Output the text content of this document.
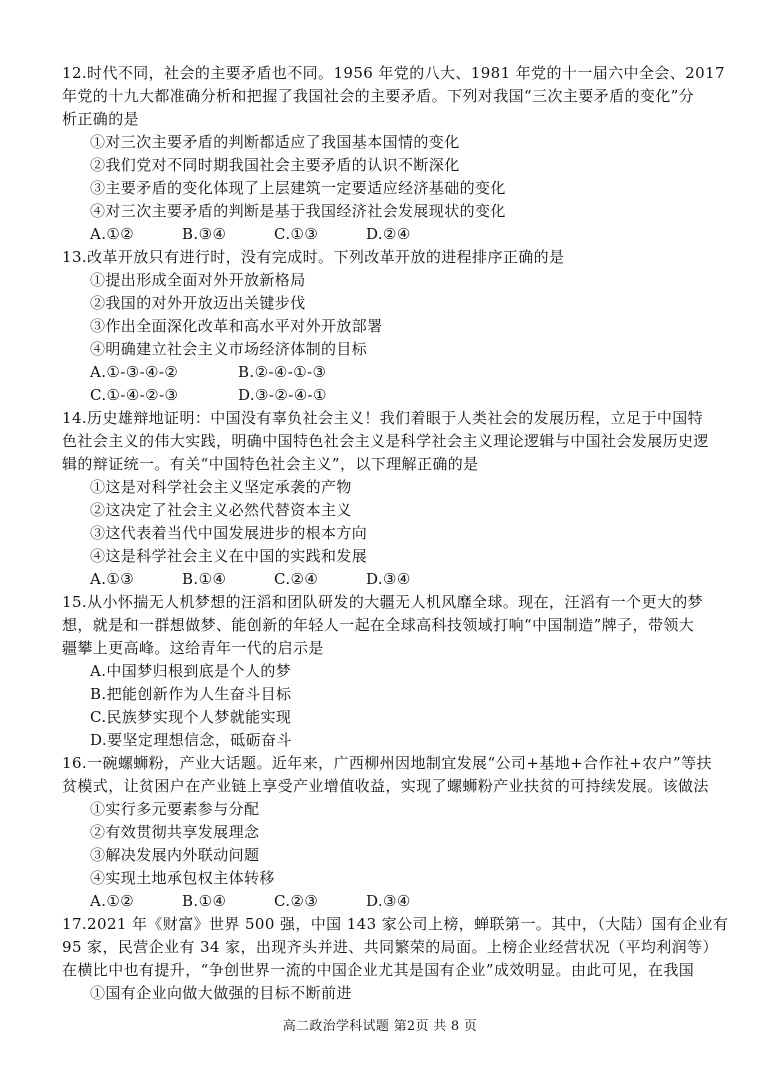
12.时代不同，社会的主要矛盾也不同。1956 年党的八大、1981 年党的十一届六中全会、2017
年党的十九大都准确分析和把握了我国社会的主要矛盾。下列对我国“三次主要矛盾的变化”分
析正确的是
①对三次主要矛盾的判断都适应了我国基本国情的变化
②我们党对不同时期我国社会主要矛盾的认识不断深化
③主要矛盾的变化体现了上层建筑一定要适应经济基础的变化
④对三次主要矛盾的判断是基于我国经济社会发展现状的变化
A.①②	B.③④	C.①③	D.②④
13.改革开放只有进行时，没有完成时。下列改革开放的进程排序正确的是
①提出形成全面对外开放新格局
②我国的对外开放迈出关键步伐
③作出全面深化改革和高水平对外开放部署
④明确建立社会主义市场经济体制的目标
A.①-③-④-②	B.②-④-①-③
C.①-④-②-③	D.③-②-④-①
14.历史雄辩地证明：中国没有辜负社会主义！我们着眼于人类社会的发展历程，立足于中国特
色社会主义的伟大实践，明确中国特色社会主义是科学社会主义理论逻辑与中国社会发展历史逻
辑的辩证统一。有关“中国特色社会主义”，以下理解正确的是
①这是对科学社会主义坚定承袭的产物
②这决定了社会主义必然代替资本主义
③这代表着当代中国发展进步的根本方向
④这是科学社会主义在中国的实践和发展
A.①③	B.①④	C.②④	D.③④
15.从小怀揣无人机梦想的汪滔和团队研发的大疆无人机风靡全球。现在，汪滔有一个更大的梦
想，就是和一群想做梦、能创新的年轻人一起在全球高科技领域打响“中国制造”牌子，带领大
疆攀上更高峰。这给青年一代的启示是
A.中国梦归根到底是个人的梦
B.把能创新作为人生奋斗目标
C.民族梦实现个人梦就能实现
D.要坚定理想信念，砥砺奋斗
16.一碗螺蛳粉，产业大话题。近年来，广西柳州因地制宜发展“公司+基地+合作社+农户”等扶
贫模式，让贫困户在产业链上享受产业增值收益，实现了螺蛳粉产业扶贫的可持续发展。该做法
①实行多元要素参与分配
②有效贯彻共享发展理念
③解决发展内外联动问题
④实现土地承包权主体转移
A.①②	B.①④	C.②③	D.③④
17.2021 年《财富》世界 500 强，中国 143 家公司上榜，蝉联第一。其中，（大陆）国有企业有
95 家，民营企业有 34 家，出现齐头并进、共同繁荣的局面。上榜企业经营状况（平均利润等）
在横比中也有提升，“争创世界一流的中国企业尤其是国有企业”成效明显。由此可见，在我国
①国有企业向做大做强的目标不断前进
高二政治学科试题 第2页 共 8 页
